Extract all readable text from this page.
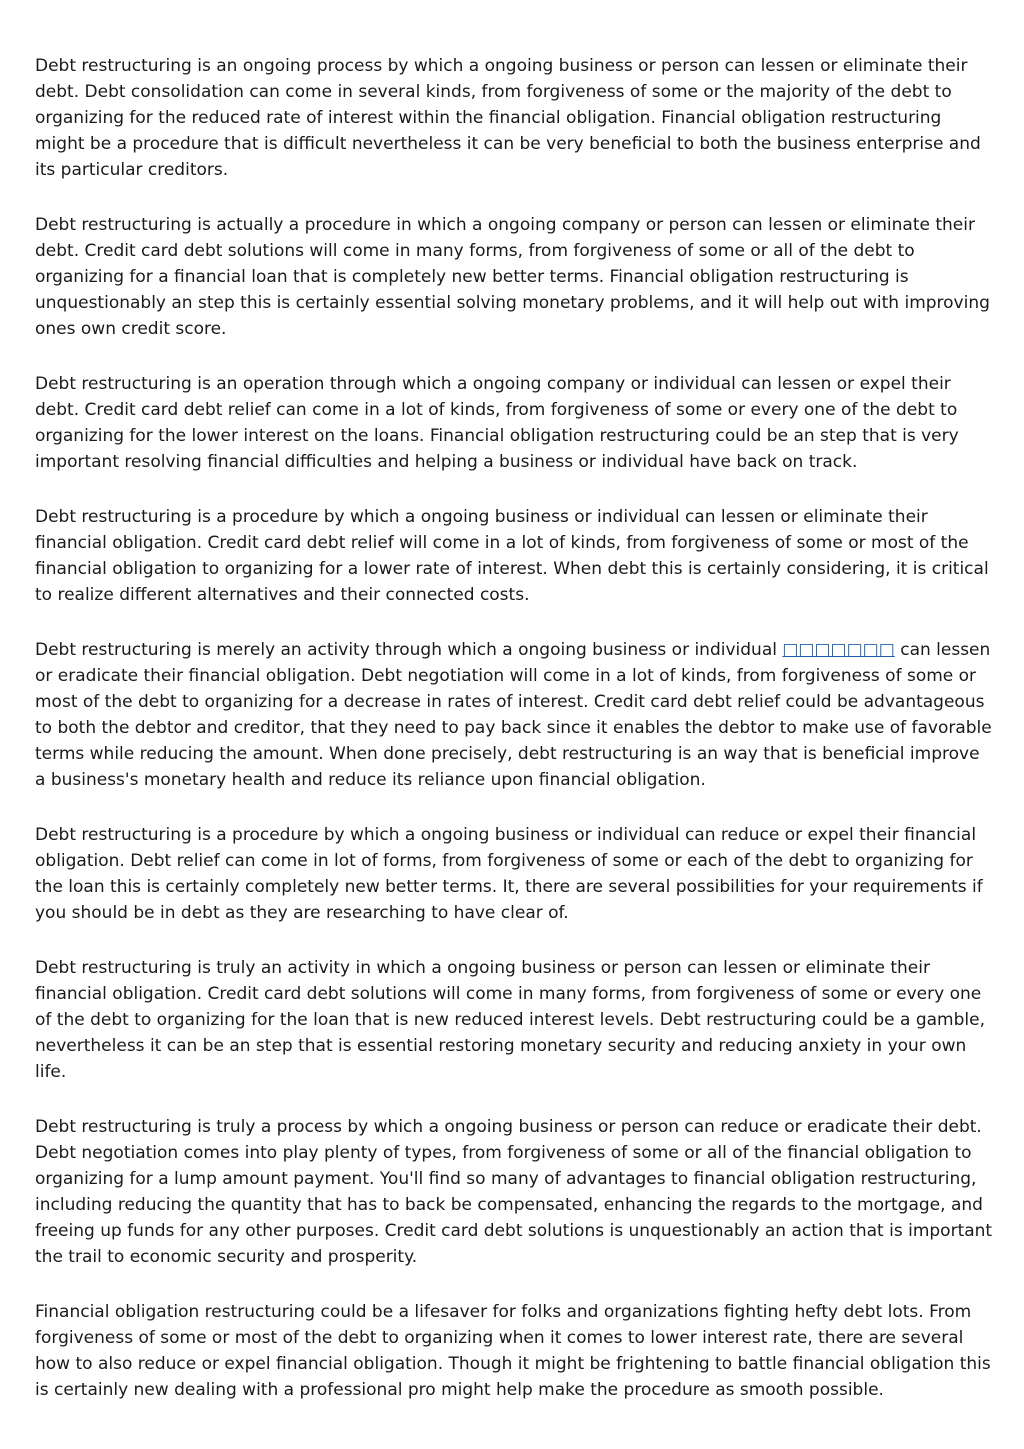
Debt restructuring is an ongoing process by which a ongoing business or person can lessen or eliminate their debt. Debt consolidation can come in several kinds, from forgiveness of some or the majority of the debt to organizing for the reduced rate of interest within the financial obligation. Financial obligation restructuring might be a procedure that is difficult nevertheless it can be very beneficial to both the business enterprise and its particular creditors.

Debt restructuring is actually a procedure in which a ongoing company or person can lessen or eliminate their debt. Credit card debt solutions will come in many forms, from forgiveness of some or all of the debt to organizing for a financial loan that is completely new better terms. Financial obligation restructuring is unquestionably an step this is certainly essential solving monetary problems, and it will help out with improving ones own credit score.

Debt restructuring is an operation through which a ongoing company or individual can lessen or expel their debt. Credit card debt relief can come in a lot of kinds, from forgiveness of some or every one of the debt to organizing for the lower interest on the loans. Financial obligation restructuring could be an step that is very important resolving financial difficulties and helping a business or individual have back on track.

Debt restructuring is a procedure by which a ongoing business or individual can lessen or eliminate their financial obligation. Credit card debt relief will come in a lot of kinds, from forgiveness of some or most of the financial obligation to organizing for a lower rate of interest. When debt this is certainly considering, it is critical to realize different alternatives and their connected costs.

Debt restructuring is merely an activity through which a ongoing business or individual □□□□□□□ can lessen or eradicate their financial obligation. Debt negotiation will come in a lot of kinds, from forgiveness of some or most of the debt to organizing for a decrease in rates of interest. Credit card debt relief could be advantageous to both the debtor and creditor, that they need to pay back since it enables the debtor to make use of favorable terms while reducing the amount. When done precisely, debt restructuring is an way that is beneficial improve a business's monetary health and reduce its reliance upon financial obligation.

Debt restructuring is a procedure by which a ongoing business or individual can reduce or expel their financial obligation. Debt relief can come in lot of forms, from forgiveness of some or each of the debt to organizing for the loan this is certainly completely new better terms. It, there are several possibilities for your requirements if you should be in debt as they are researching to have clear of.

Debt restructuring is truly an activity in which a ongoing business or person can lessen or eliminate their financial obligation. Credit card debt solutions will come in many forms, from forgiveness of some or every one of the debt to organizing for the loan that is new reduced interest levels. Debt restructuring could be a gamble, nevertheless it can be an step that is essential restoring monetary security and reducing anxiety in your own life.

Debt restructuring is truly a process by which a ongoing business or person can reduce or eradicate their debt. Debt negotiation comes into play plenty of types, from forgiveness of some or all of the financial obligation to organizing for a lump amount payment. You'll find so many of advantages to financial obligation restructuring, including reducing the quantity that has to back be compensated, enhancing the regards to the mortgage, and freeing up funds for any other purposes. Credit card debt solutions is unquestionably an action that is important the trail to economic security and prosperity.

Financial obligation restructuring could be a lifesaver for folks and organizations fighting hefty debt lots. From forgiveness of some or most of the debt to organizing when it comes to lower interest rate, there are several how to also reduce or expel financial obligation. Though it might be frightening to battle financial obligation this is certainly new dealing with a professional pro might help make the procedure as smooth possible.
